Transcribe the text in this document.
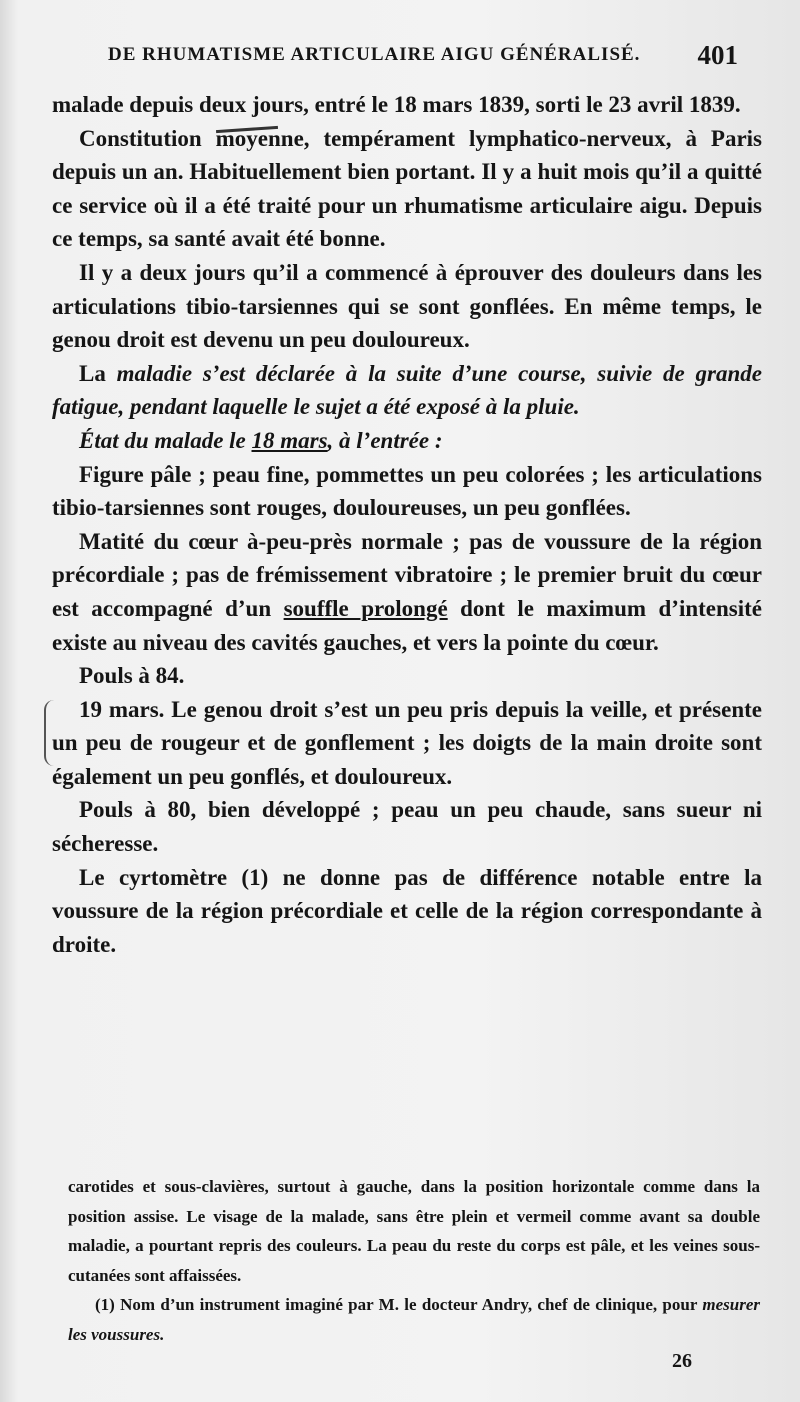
DE RHUMATISME ARTICULAIRE AIGU GÉNÉRALISÉ. 401

malade depuis deux jours, entré le 18 mars 1839, sorti le 23 avril 1839.

Constitution moyenne, tempérament lymphatico-nerveux, à Paris depuis un an. Habituellement bien portant. Il y a huit mois qu’il a quitté ce service où il a été traité pour un rhumatisme articulaire aigu. Depuis ce temps, sa santé avait été bonne.

Il y a deux jours qu’il a commencé à éprouver des douleurs dans les articulations tibio-tarsiennes qui se sont gonflées. En même temps, le genou droit est devenu un peu douloureux.

La maladie s’est déclarée à la suite d’une course, suivie de grande fatigue, pendant laquelle le sujet a été exposé à la pluie.

État du malade le 18 mars, à l’entrée :

Figure pâle ; peau fine, pommettes un peu colorées ; les articulations tibio-tarsiennes sont rouges, douloureuses, un peu gonflées.

Matité du cœur à-peu-près normale ; pas de voussure de la région précordiale ; pas de frémissement vibratoire ; le premier bruit du cœur est accompagné d’un souffle prolongé dont le maximum d’intensité existe au niveau des cavités gauches, et vers la pointe du cœur.

Pouls à 84.

19 mars. Le genou droit s’est un peu pris depuis la veille, et présente un peu de rougeur et de gonflement ; les doigts de la main droite sont également un peu gonflés, et douloureux.

Pouls à 80, bien développé ; peau un peu chaude, sans sueur ni sécheresse.

Le cyrtomètre (1) ne donne pas de différence notable entre la voussure de la région précordiale et celle de la région correspondante à droite.

carotides et sous-clavières, surtout à gauche, dans la position horizontale comme dans la position assise. Le visage de la malade, sans être plein et vermeil comme avant sa double maladie, a pourtant repris des couleurs. La peau du reste du corps est pâle, et les veines sous-cutanées sont affaissées.

(1) Nom d’un instrument imaginé par M. le docteur Andry, chef de clinique, pour mesurer les voussures.

26
